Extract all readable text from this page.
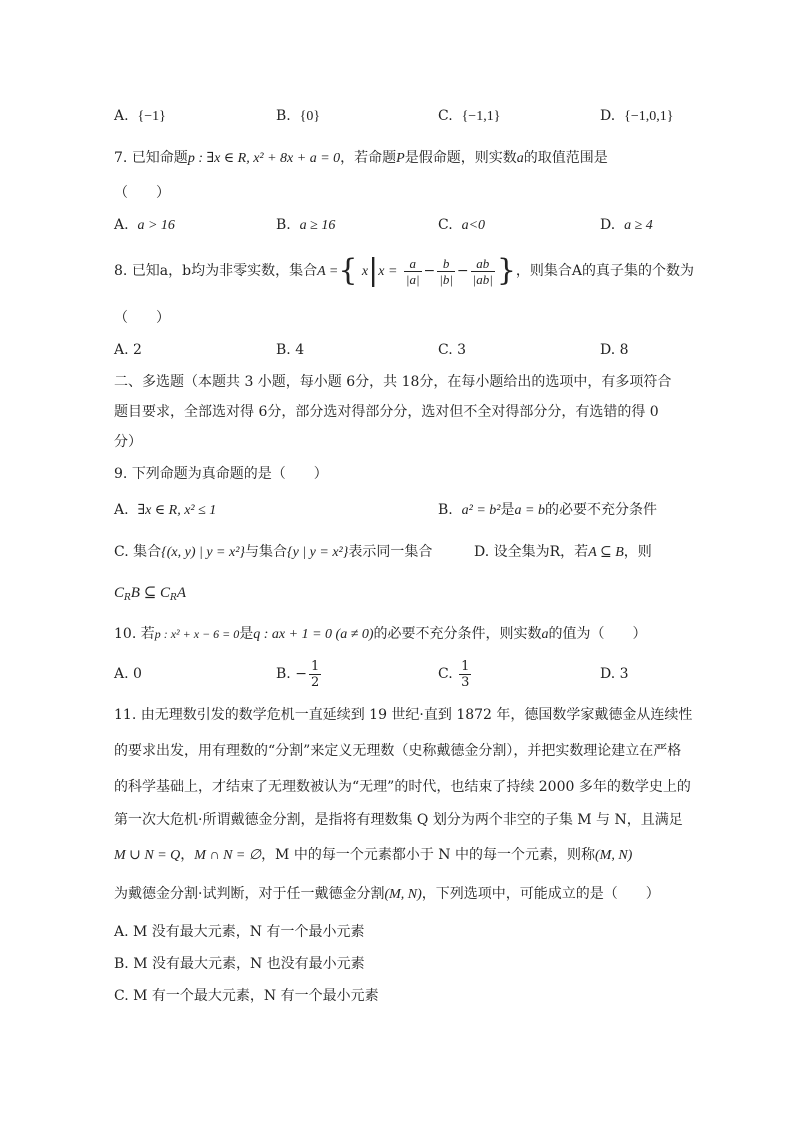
A. {−1}	B. {0}	C. {−1,1}	D. {−1,0,1}
7. 已知命题p : ∃x ∈ R, x² + 8x + a = 0，若命题P是假命题，则实数a的取值范围是
（　　）
A. a > 16	B. a ≥ 16	C. a<0	D. a ≥ 4
8. 已知a，b均为非零实数，集合A ={ $x|x = \frac{a}{|a|} - \frac{b}{|b|} - \frac{ab}{|ab|}$ }，则集合A的真子集的个数为
（　　）
A. 2	B. 4	C. 3	D. 8
二、多选题（本题共 3 小题，每小题 6分，共 18分，在每小题给出的选项中，有多项符合
题目要求，全部选对得 6分，部分选对得部分分，选对但不全对得部分分，有选错的得 0
分）
9. 下列命题为真命题的是（　　）
A. ∃x ∈ R, x² ≤ 1	B. a² = b²是a = b的必要不充分条件
C. 集合{(x, y) | y = x²}与集合{y | y = x²}表示同一集合	D. 设全集为R，若A ⊆ B，则
$C_RB$ ⊆ $C_RA$
10. 若p : x² + x − 6 = 0是q : ax + 1 = 0 (a ≠ 0)的必要不充分条件，则实数a的值为（　　）
A. 0	B. − $\frac{1}{2}$	C. $\frac{1}{3}$	D. 3
11. 由无理数引发的数学危机一直延续到 19 世纪·直到 1872 年，德国数学家戴德金从连续性
的要求出发，用有理数的“分割”来定义无理数（史称戴德金分割），并把实数理论建立在严格
的科学基础上，才结束了无理数被认为“无理”的时代，也结束了持续 2000 多年的数学史上的
第一次大危机·所谓戴德金分割，是指将有理数集 Q 划分为两个非空的子集 M 与 N，且满足
M ∪ N = Q，M ∩ N = ∅，M 中的每一个元素都小于 N 中的每一个元素，则称(M, N)
为戴德金分割·试判断，对于任一戴德金分割(M, N)，下列选项中，可能成立的是（　　）
A. M 没有最大元素，N 有一个最小元素
B. M 没有最大元素，N 也没有最小元素
C. M 有一个最大元素，N 有一个最小元素
